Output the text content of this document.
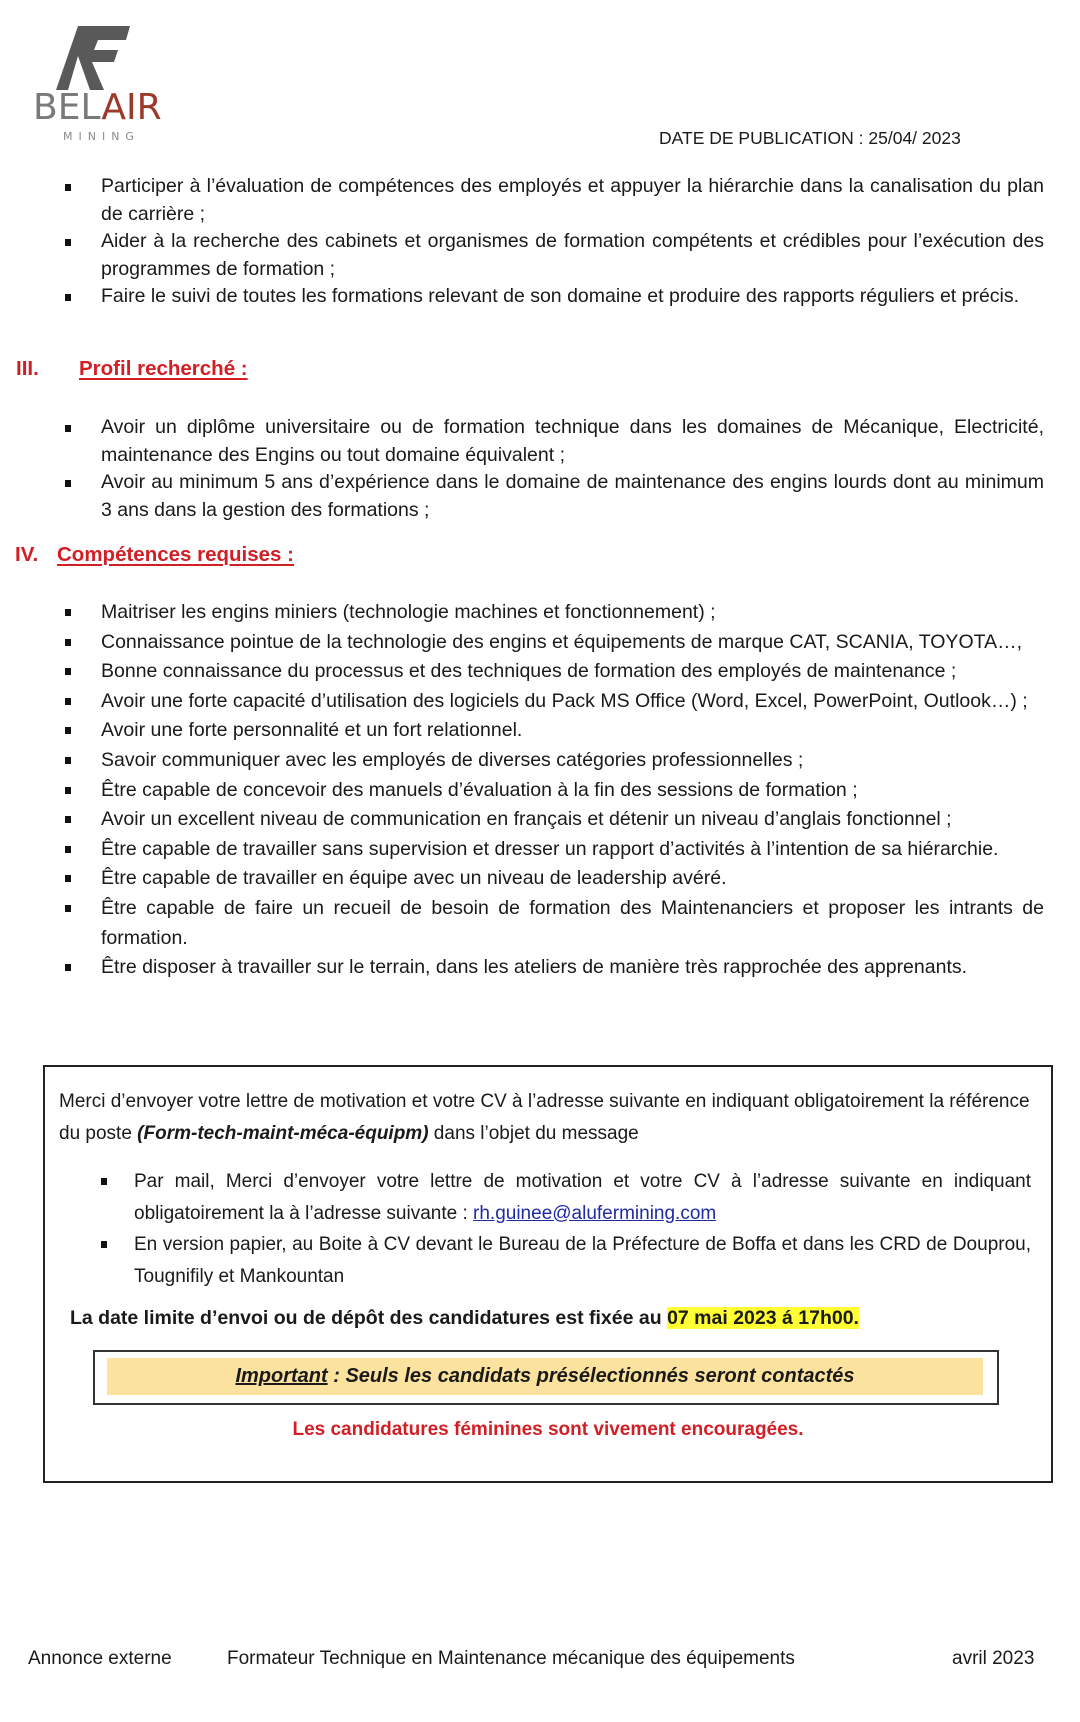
BELAIR
MINING	DATE DE PUBLICATION : 25/04/ 2023
Participer à l’évaluation de compétences des employés et appuyer la hiérarchie dans la canalisation du plan de carrière ;
Aider à la recherche des cabinets et organismes de formation compétents et crédibles pour l’exécution des programmes de formation ;
Faire le suivi de toutes les formations relevant de son domaine et produire des rapports réguliers et précis.
III. Profil recherché :
Avoir un diplôme universitaire ou de formation technique dans les domaines de Mécanique, Electricité, maintenance des Engins ou tout domaine équivalent ;
Avoir au minimum 5 ans d’expérience dans le domaine de maintenance des engins lourds dont au minimum 3 ans dans la gestion des formations ;
IV. Compétences requises :
Maitriser les engins miniers (technologie machines et fonctionnement) ;
Connaissance pointue de la technologie des engins et équipements de marque CAT, SCANIA, TOYOTA…,
Bonne connaissance du processus et des techniques de formation des employés de maintenance ;
Avoir une forte capacité d’utilisation des logiciels du Pack MS Office (Word, Excel, PowerPoint, Outlook…) ;
Avoir une forte personnalité et un fort relationnel.
Savoir communiquer avec les employés de diverses catégories professionnelles ;
Être capable de concevoir des manuels d’évaluation à la fin des sessions de formation ;
Avoir un excellent niveau de communication en français et détenir un niveau d’anglais fonctionnel ;
Être capable de travailler sans supervision et dresser un rapport d’activités à l’intention de sa hiérarchie.
Être capable de travailler en équipe avec un niveau de leadership avéré.
Être capable de faire un recueil de besoin de formation des Maintenanciers et proposer les intrants de formation.
Être disposer à travailler sur le terrain, dans les ateliers de manière très rapprochée des apprenants.
Merci d’envoyer votre lettre de motivation et votre CV à l’adresse suivante en indiquant obligatoirement la référence du poste (Form-tech-maint-méca-équipm) dans l’objet du message
Par mail, Merci d’envoyer votre lettre de motivation et votre CV à l’adresse suivante en indiquant obligatoirement la à l’adresse suivante : rh.guinee@alufermining.com
En version papier, au Boite à CV devant le Bureau de la Préfecture de Boffa et dans les CRD de Douprou, Tougnifily et Mankountan
La date limite d’envoi ou de dépôt des candidatures est fixée au 07 mai 2023 á 17h00.
Important : Seuls les candidats présélectionnés seront contactés
Les candidatures féminines sont vivement encouragées.
Annonce externe	Formateur Technique en Maintenance mécanique des équipements	avril 2023
